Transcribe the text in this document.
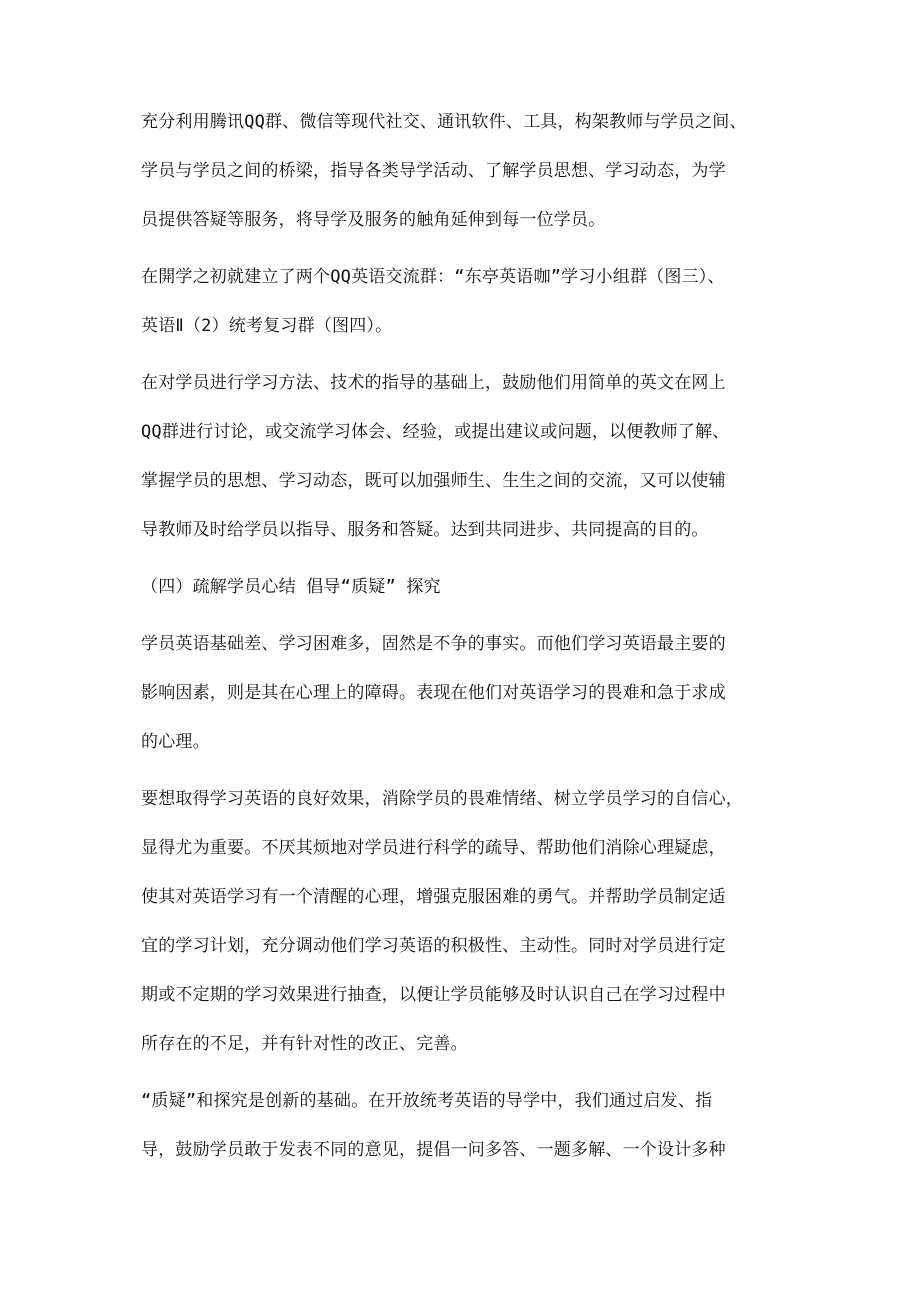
充分利用腾讯QQ群、微信等现代社交、通讯软件、工具，构架教师与学员之间、
学员与学员之间的桥梁，指导各类导学活动、了解学员思想、学习动态，为学
员提供答疑等服务，将导学及服务的触角延伸到每一位学员。
在開学之初就建立了两个QQ英语交流群：“东亭英语咖”学习小组群（图三）、
英语Ⅱ（2）统考复习群（图四）。
在对学员进行学习方法、技术的指导的基础上，鼓励他们用简单的英文在网上
QQ群进行讨论，或交流学习体会、经验，或提出建议或问题，以便教师了解、
掌握学员的思想、学习动态，既可以加强师生、生生之间的交流，又可以使辅
导教师及时给学员以指导、服务和答疑。达到共同进步、共同提高的目的。
（四）疏解学员心结 倡导“质疑” 探究
学员英语基础差、学习困难多，固然是不争的事实。而他们学习英语最主要的
影响因素，则是其在心理上的障碍。表现在他们对英语学习的畏难和急于求成
的心理。
要想取得学习英语的良好效果，消除学员的畏难情绪、树立学员学习的自信心，
显得尤为重要。不厌其烦地对学员进行科学的疏导、帮助他们消除心理疑虑，
使其对英语学习有一个清醒的心理，增强克服困难的勇气。并帮助学员制定适
宜的学习计划，充分调动他们学习英语的积极性、主动性。同时对学员进行定
期或不定期的学习效果进行抽查，以便让学员能够及时认识自己在学习过程中
所存在的不足，并有针对性的改正、完善。
“质疑”和探究是创新的基础。在开放统考英语的导学中，我们通过启发、指
导，鼓励学员敢于发表不同的意见，提倡一问多答、一题多解、一个设计多种
